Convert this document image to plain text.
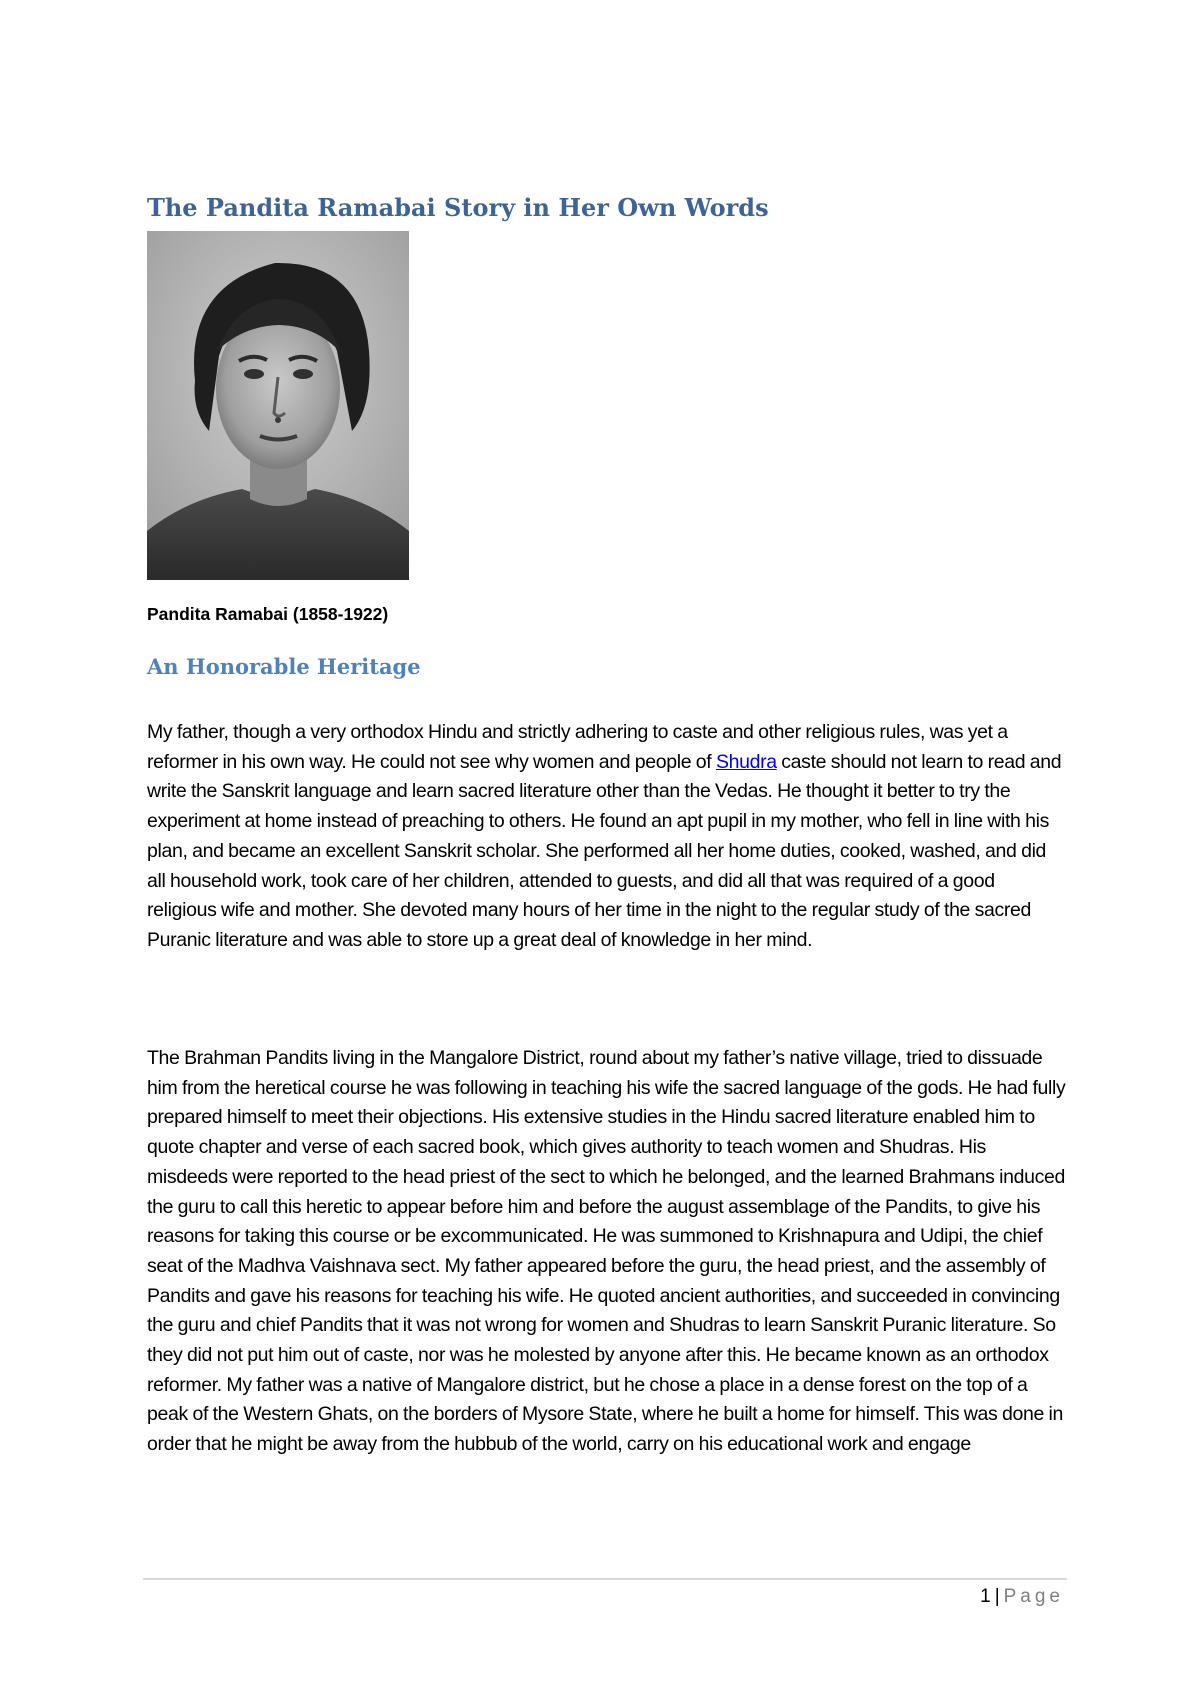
The Pandita Ramabai Story in Her Own Words

Pandita Ramabai (1858-1922)

An Honorable Heritage

My father, though a very orthodox Hindu and strictly adhering to caste and other religious rules, was yet a reformer in his own way. He could not see why women and people of Shudra caste should not learn to read and write the Sanskrit language and learn sacred literature other than the Vedas. He thought it better to try the experiment at home instead of preaching to others. He found an apt pupil in my mother, who fell in line with his plan, and became an excellent Sanskrit scholar. She performed all her home duties, cooked, washed, and did all household work, took care of her children, attended to guests, and did all that was required of a good religious wife and mother. She devoted many hours of her time in the night to the regular study of the sacred Puranic literature and was able to store up a great deal of knowledge in her mind.

The Brahman Pandits living in the Mangalore District, round about my father’s native village, tried to dissuade him from the heretical course he was following in teaching his wife the sacred language of the gods. He had fully prepared himself to meet their objections. His extensive studies in the Hindu sacred literature enabled him to quote chapter and verse of each sacred book, which gives authority to teach women and Shudras. His misdeeds were reported to the head priest of the sect to which he belonged, and the learned Brahmans induced the guru to call this heretic to appear before him and before the august assemblage of the Pandits, to give his reasons for taking this course or be excommunicated. He was summoned to Krishnapura and Udipi, the chief seat of the Madhva Vaishnava sect. My father appeared before the guru, the head priest, and the assembly of Pandits and gave his reasons for teaching his wife. He quoted ancient authorities, and succeeded in convincing the guru and chief Pandits that it was not wrong for women and Shudras to learn Sanskrit Puranic literature. So they did not put him out of caste, nor was he molested by anyone after this. He became known as an orthodox reformer. My father was a native of Mangalore district, but he chose a place in a dense forest on the top of a peak of the Western Ghats, on the borders of Mysore State, where he built a home for himself. This was done in order that he might be away from the hubbub of the world, carry on his educational work and engage

1 | Page
